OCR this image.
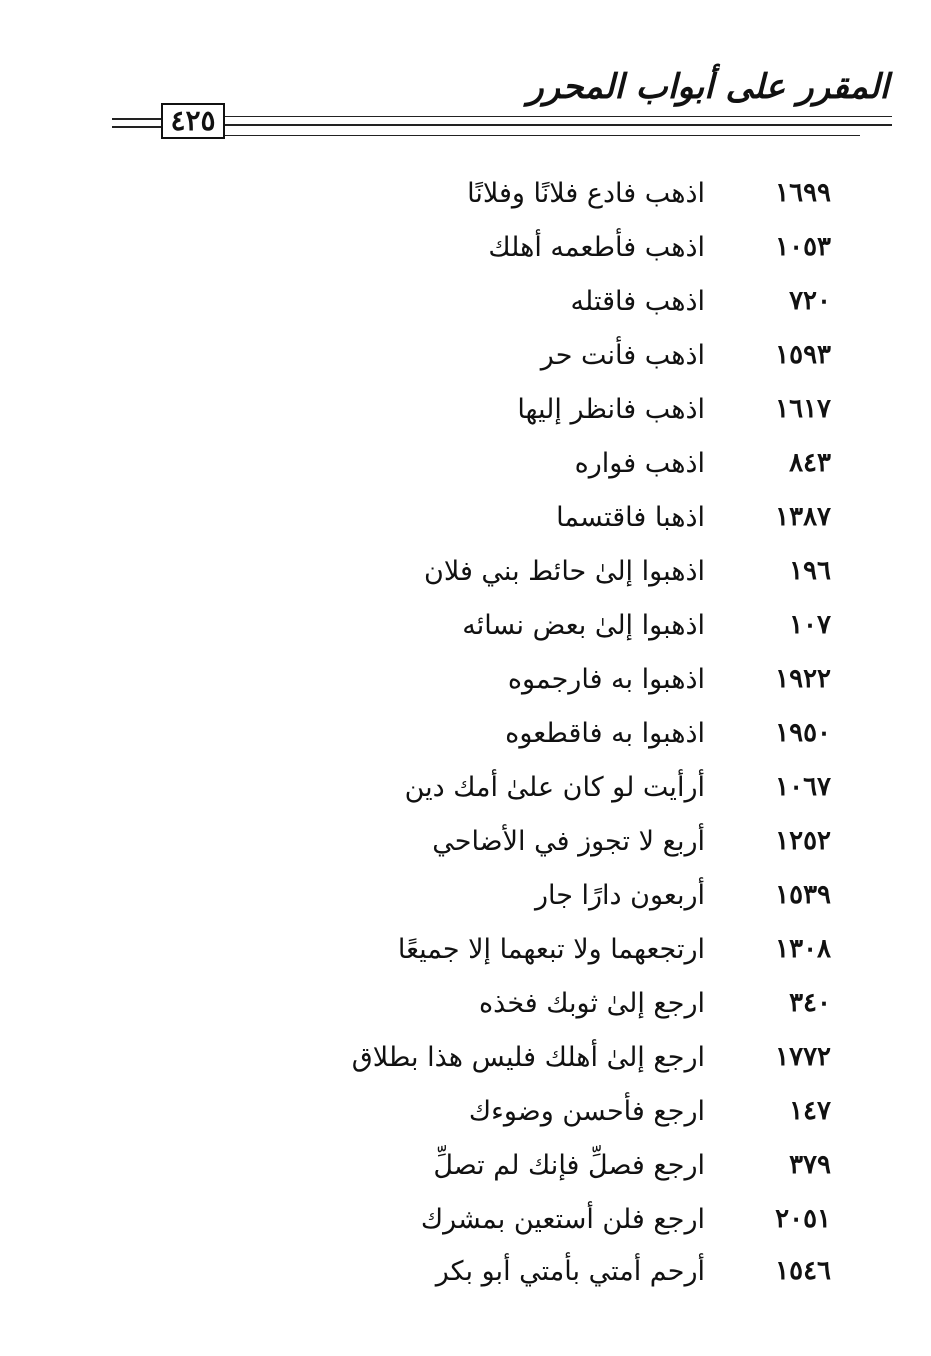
المقرر على أبواب المحرر
٤٢٥
١٦٩٩
اذهب فادع فلانًا وفلانًا
١٠٥٣
اذهب فأطعمه أهلك
٧٢٠
اذهب فاقتله
١٥٩٣
اذهب فأنت حر
١٦١٧
اذهب فانظر إليها
٨٤٣
اذهب فواره
١٣٨٧
اذهبا فاقتسما
١٩٦
اذهبوا إلىٰ حائط بني فلان
١٠٧
اذهبوا إلىٰ بعض نسائه
١٩٢٢
اذهبوا به فارجموه
١٩٥٠
اذهبوا به فاقطعوه
١٠٦٧
أرأيت لو كان علىٰ أمك دين
١٢٥٢
أربع لا تجوز في الأضاحي
١٥٣٩
أربعون دارًا جار
١٣٠٨
ارتجعهما ولا تبعهما إلا جميعًا
٣٤٠
ارجع إلىٰ ثوبك فخذه
١٧٧٢
ارجع إلىٰ أهلك فليس هذا بطلاق
١٤٧
ارجع فأحسن وضوءك
٣٧٩
ارجع فصلِّ فإنك لم تصلِّ
٢٠٥١
ارجع فلن أستعين بمشرك
١٥٤٦
أرحم أمتي بأمتي أبو بكر
